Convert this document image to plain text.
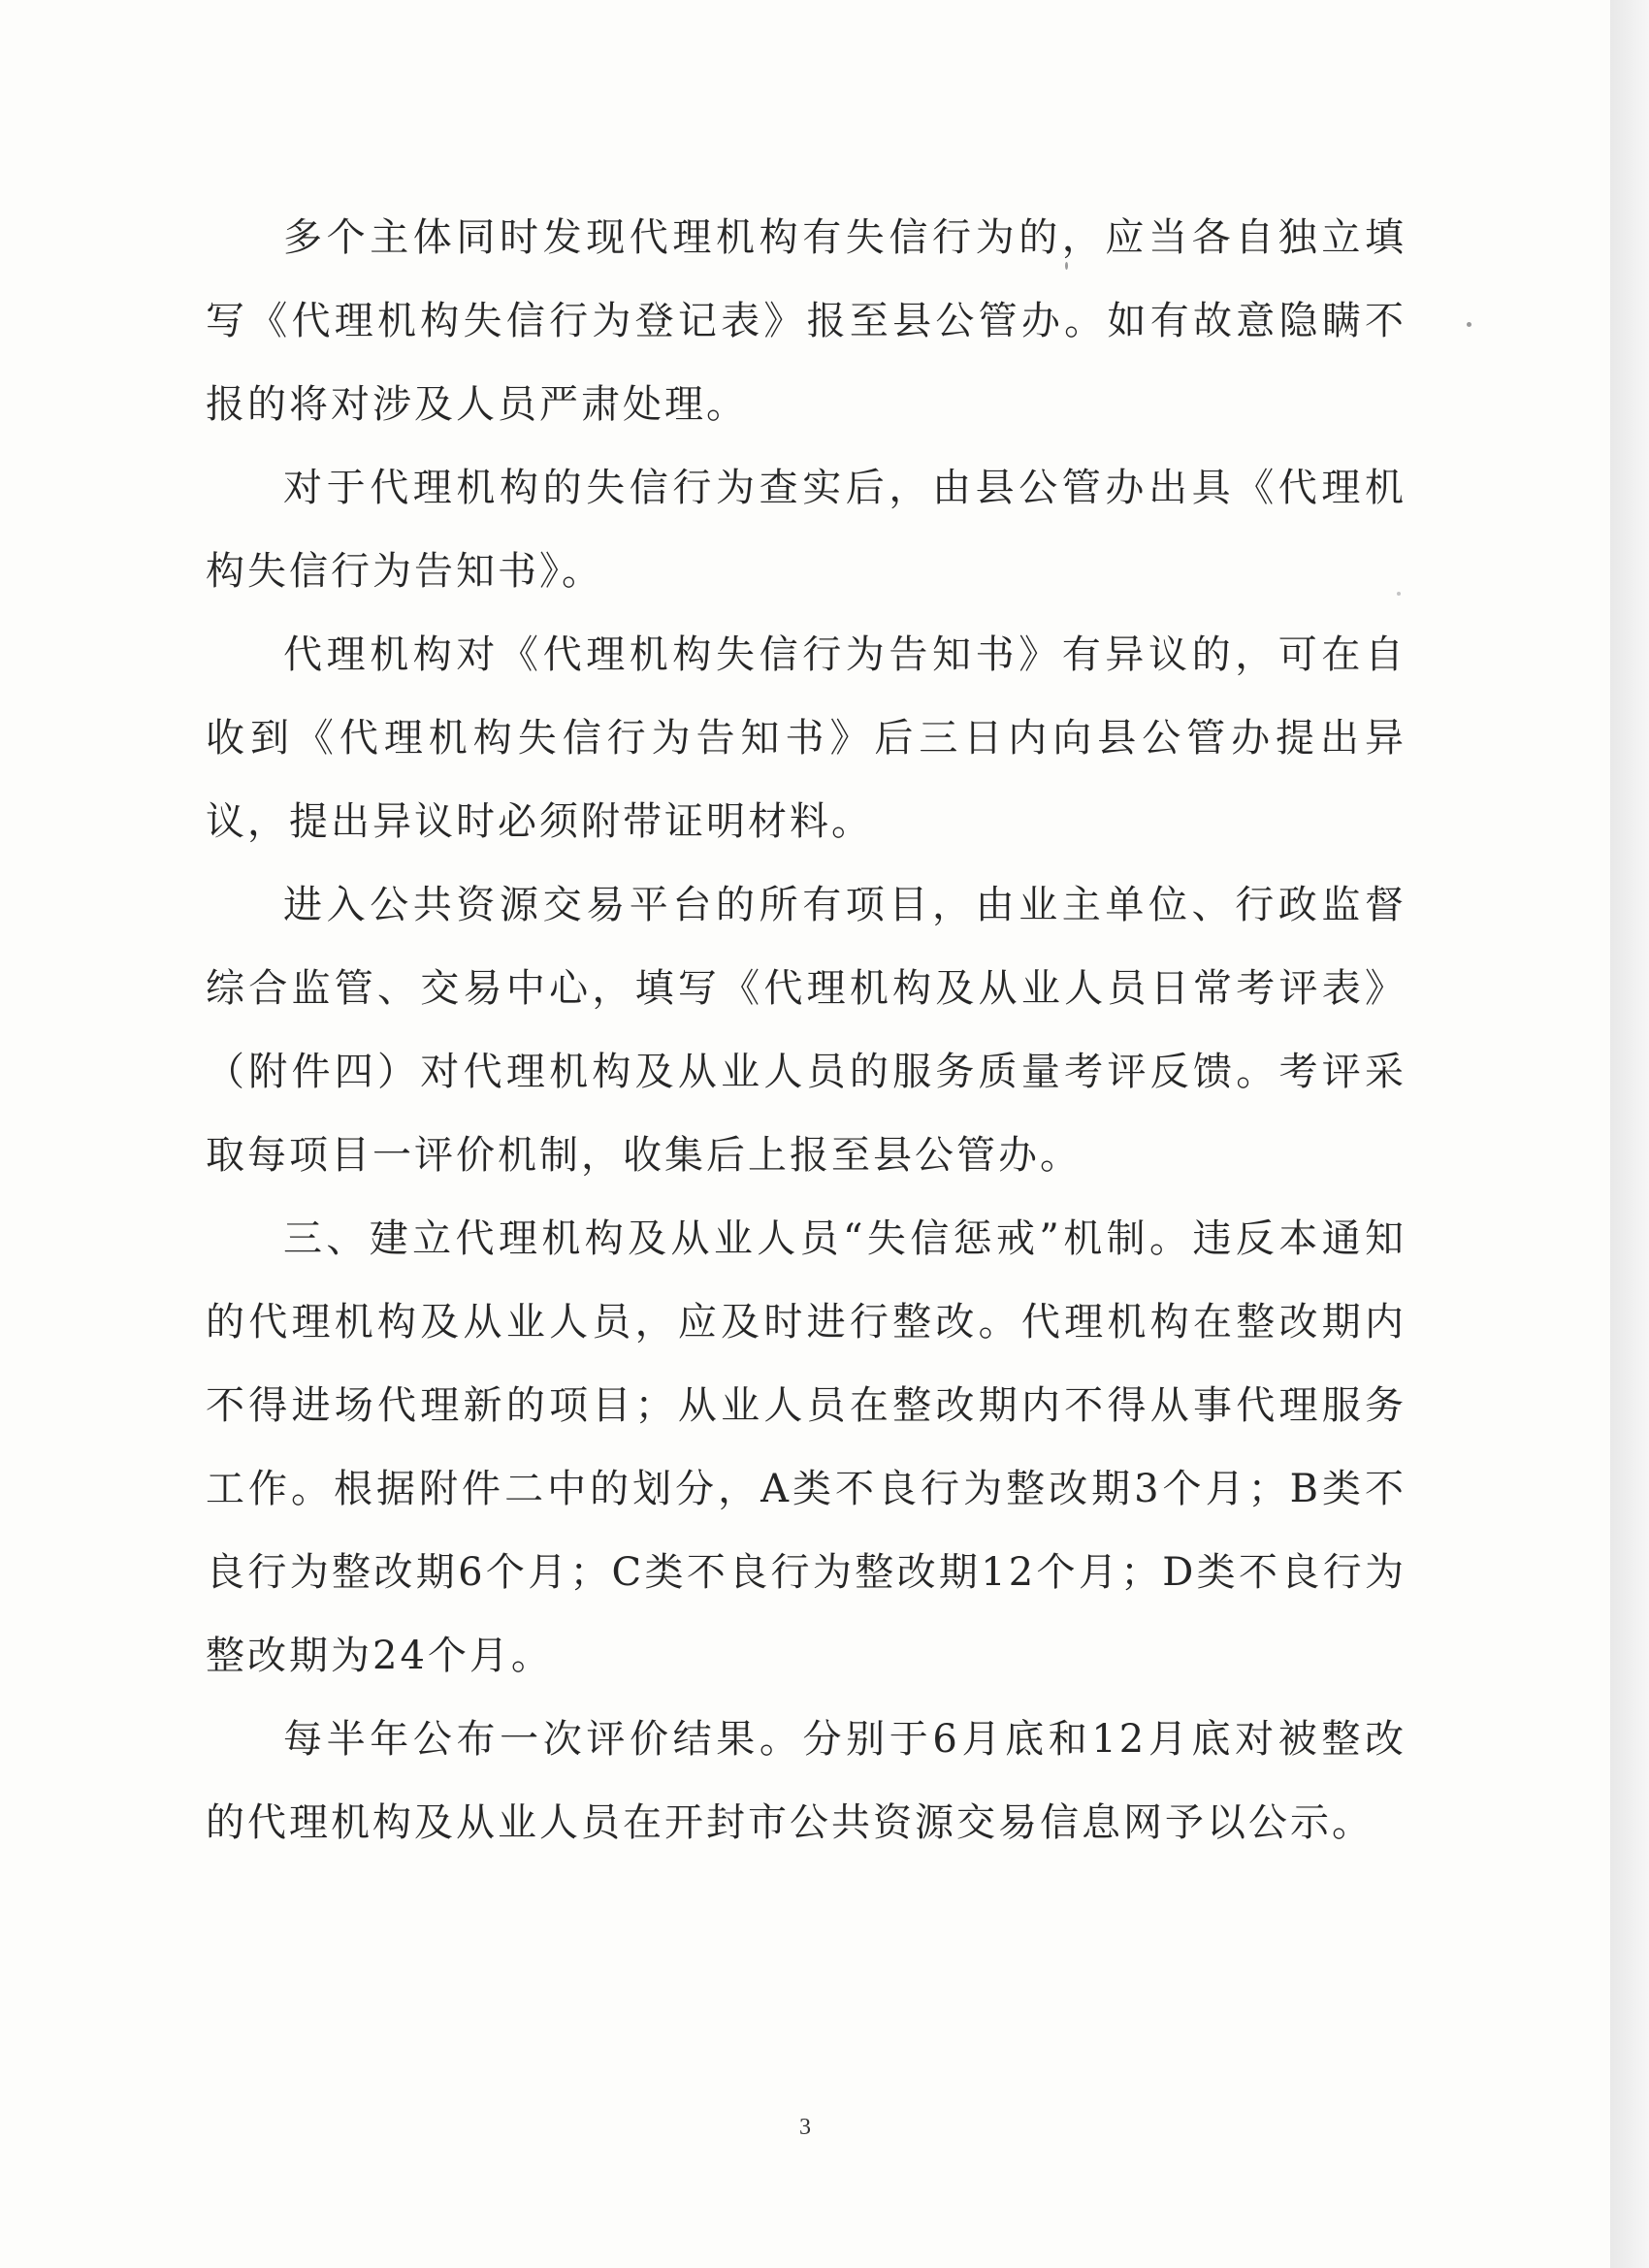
多个主体同时发现代理机构有失信行为的，应当各自独立填写《代理机构失信行为登记表》报至县公管办。如有故意隐瞒不报的将对涉及人员严肃处理。

对于代理机构的失信行为查实后，由县公管办出具《代理机构失信行为告知书》。

代理机构对《代理机构失信行为告知书》有异议的，可在自收到《代理机构失信行为告知书》后三日内向县公管办提出异议，提出异议时必须附带证明材料。

进入公共资源交易平台的所有项目，由业主单位、行政监督综合监管、交易中心，填写《代理机构及从业人员日常考评表》（附件四）对代理机构及从业人员的服务质量考评反馈。考评采取每项目一评价机制，收集后上报至县公管办。

三、建立代理机构及从业人员“失信惩戒”机制。违反本通知的代理机构及从业人员，应及时进行整改。代理机构在整改期内不得进场代理新的项目；从业人员在整改期内不得从事代理服务工作。根据附件二中的划分，A类不良行为整改期3个月；B类不良行为整改期6个月；C类不良行为整改期12个月；D类不良行为整改期为24个月。

每半年公布一次评价结果。分别于6月底和12月底对被整改的代理机构及从业人员在开封市公共资源交易信息网予以公示。

3
